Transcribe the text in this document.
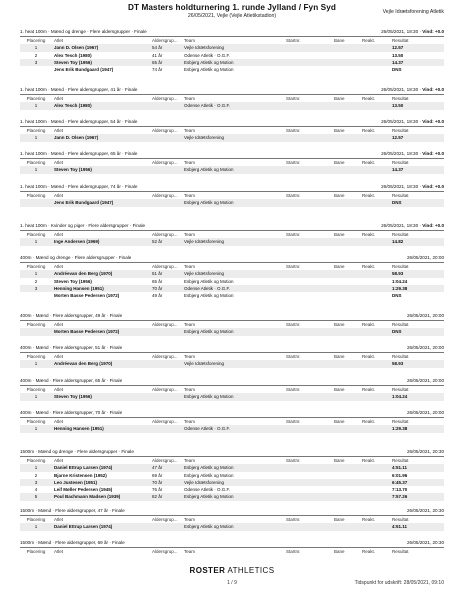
DT Masters holdturnering 1. runde Jylland / Fyn Syd
26/05/2021, Vejle (Vejle Atletikstadion)
Vejle Idrætsforening Atletik
1. heat 100m · Mænd og drenge · Flere aldersgrupper · Finale	26/05/2021, 18:30 · Vind: +0.0
Placering	Atlet	Aldersgrup... Team	Startnr.	Bane	Reakt.	Resultat
1	Jann D. Olsen (1967)	54 år	Vejle Idrætsforening	12.57
2	Alex Tesch (1980)	41 år	Odense Atletik · O.G.F.	13.50
3	Steven Toy (1956)	65 år	Esbjerg Atletik og Motion	14.37
Jens Erik Bundgaard (1947)	74 år	Esbjerg Atletik og Motion	DNS
1. heat 100m · Mænd · Flere aldersgrupper, 41 år · Finale	26/05/2021, 18:30 · Vind: +0.0
Placering	Atlet	Aldersgrup... Team	Startnr.	Bane	Reakt.	Resultat
1	Alex Tesch (1980)	Odense Atletik · O.G.F.	13.50
1. heat 100m · Mænd · Flere aldersgrupper, 54 år · Finale	26/05/2021, 18:30 · Vind: +0.0
Placering	Atlet	Aldersgrup... Team	Startnr.	Bane	Reakt.	Resultat
1	Jann D. Olsen (1967)	Vejle Idrætsforening	12.57
1. heat 100m · Mænd · Flere aldersgrupper, 65 år · Finale	26/05/2021, 18:30 · Vind: +0.0
Placering	Atlet	Aldersgrup... Team	Startnr.	Bane	Reakt.	Resultat
1	Steven Toy (1956)	Esbjerg Atletik og Motion	14.37
1. heat 100m · Mænd · Flere aldersgrupper, 74 år · Finale	26/05/2021, 18:30 · Vind: +0.0
Placering	Atlet	Aldersgrup... Team	Startnr.	Bane	Reakt.	Resultat
Jens Erik Bundgaard (1947)	Esbjerg Atletik og Motion	DNS
1. heat 100m · Kvinder og piger · Flere aldersgrupper · Finale	26/05/2021, 18:30 · Vind: +0.0
Placering	Atlet	Aldersgrup... Team	Startnr.	Bane	Reakt.	Resultat
1	Inge Andersen (1969)	52 år	Vejle Idrætsforening	14.82
400m · Mænd og drenge · Flere aldersgrupper · Finale	26/05/2021, 20:00
Placering	Atlet	Aldersgrup... Team	Startnr.	Bane	Reakt.	Resultat
1	Andréevan den Berg (1970)	51 år	Vejle Idrætsforening	58.93
2	Steven Toy (1956)	65 år	Esbjerg Atletik og Motion	1:04.24
3	Henning Hansen (1951)	70 år	Odense Atletik · O.G.F.	1:29.38
Morten Basse Pedersen (1972)	49 år	Esbjerg Atletik og Motion	DNS
400m · Mænd · Flere aldersgrupper, 49 år · Finale	26/05/2021, 20:00
Placering	Atlet	Aldersgrup... Team	Startnr.	Bane	Reakt.	Resultat
Morten Basse Pedersen (1972)	Esbjerg Atletik og Motion	DNS
400m · Mænd · Flere aldersgrupper, 51 år · Finale	26/05/2021, 20:00
Placering	Atlet	Aldersgrup... Team	Startnr.	Bane	Reakt.	Resultat
1	Andréevan den Berg (1970)	Vejle Idrætsforening	58.93
400m · Mænd · Flere aldersgrupper, 65 år · Finale	26/05/2021, 20:00
Placering	Atlet	Aldersgrup... Team	Startnr.	Bane	Reakt.	Resultat
1	Steven Toy (1956)	Esbjerg Atletik og Motion	1:04.24
400m · Mænd · Flere aldersgrupper, 70 år · Finale	26/05/2021, 20:00
Placering	Atlet	Aldersgrup... Team	Startnr.	Bane	Reakt.	Resultat
1	Henning Hansen (1951)	Odense Atletik · O.G.F.	1:29.38
1500m · Mænd og drenge · Flere aldersgrupper · Finale	26/05/2021, 20:30
Placering	Atlet	Aldersgrup... Team	Startnr.	Bane	Reakt.	Resultat
1	Daniel Ettrup Larsen (1974)	47 år	Esbjerg Atletik og Motion	4:51.11
2	Bjarne Kristensen (1952)	69 år	Esbjerg Atletik og Motion	6:01.96
3	Leo Justesen (1951)	70 år	Vejle Idrætsforening	6:45.37
4	Leif Møller Pedersen (1945)	76 år	Odense Atletik · O.G.F.	7:13.70
5	Poul Bachmann Madsen (1939)	82 år	Esbjerg Atletik og Motion	7:57.26
1500m · Mænd · Flere aldersgrupper, 47 år · Finale	26/05/2021, 20:30
Placering	Atlet	Aldersgrup... Team	Startnr.	Bane	Reakt.	Resultat
1	Daniel Ettrup Larsen (1974)	Esbjerg Atletik og Motion	4:51.11
1500m · Mænd · Flere aldersgrupper, 69 år · Finale	26/05/2021, 20:30
Placering	Atlet	Aldersgrup... Team	Startnr.	Bane	Reakt.	Resultat
ROSTER ATHLETICS
1 / 9	Tidspunkt for udskrift: 28/05/2021, 09:10
